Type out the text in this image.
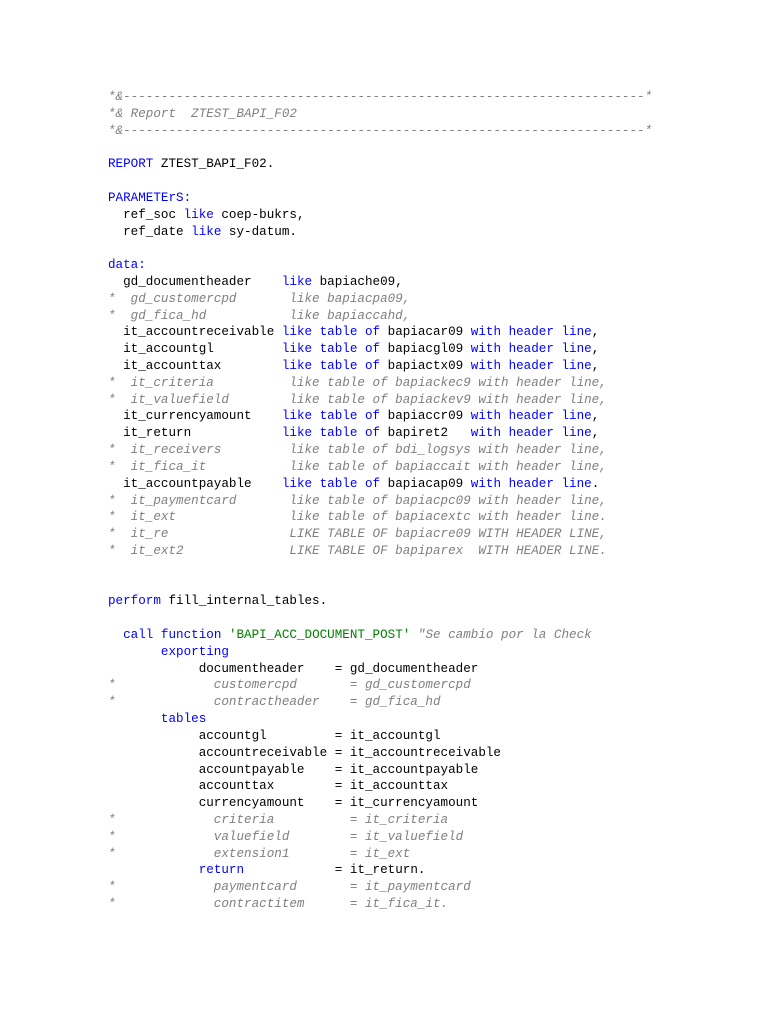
*&---------------------------------------------------------------------*
*& Report  ZTEST_BAPI_F02
*&---------------------------------------------------------------------*
REPORT ZTEST_BAPI_F02.
PARAMETErS:
ref_soc like coep-bukrs,
ref_date like sy-datum.
data:
gd_documentheader    like bapiache09,
*  gd_customercpd       like bapiacpa09,
*  gd_fica_hd           like bapiaccahd,
it_accountreceivable like table of bapiacar09 with header line,
it_accountgl         like table of bapiacgl09 with header line,
it_accounttax        like table of bapiactx09 with header line,
*  it_criteria          like table of bapiackec9 with header line,
*  it_valuefield        like table of bapiackev9 with header line,
it_currencyamount    like table of bapiaccr09 with header line,
it_return            like table of bapiret2   with header line,
*  it_receivers         like table of bdi_logsys with header line,
*  it_fica_it           like table of bapiaccait with header line,
it_accountpayable    like table of bapiacap09 with header line.
*  it_paymentcard       like table of bapiacpc09 with header line,
*  it_ext               like table of bapiacextc with header line.
*  it_re                LIKE TABLE OF bapiacre09 WITH HEADER LINE,
*  it_ext2              LIKE TABLE OF bapiparex  WITH HEADER LINE.
perform fill_internal_tables.
call function 'BAPI_ACC_DOCUMENT_POST' "Se cambio por la Check
exporting
documentheader    = gd_documentheader
*             customercpd       = gd_customercpd
*             contractheader    = gd_fica_hd
tables
accountgl         = it_accountgl
accountreceivable = it_accountreceivable
accountpayable    = it_accountpayable
accounttax        = it_accounttax
currencyamount    = it_currencyamount
*             criteria          = it_criteria
*             valuefield        = it_valuefield
*             extension1        = it_ext
return            = it_return.
*             paymentcard       = it_paymentcard
*             contractitem      = it_fica_it.
